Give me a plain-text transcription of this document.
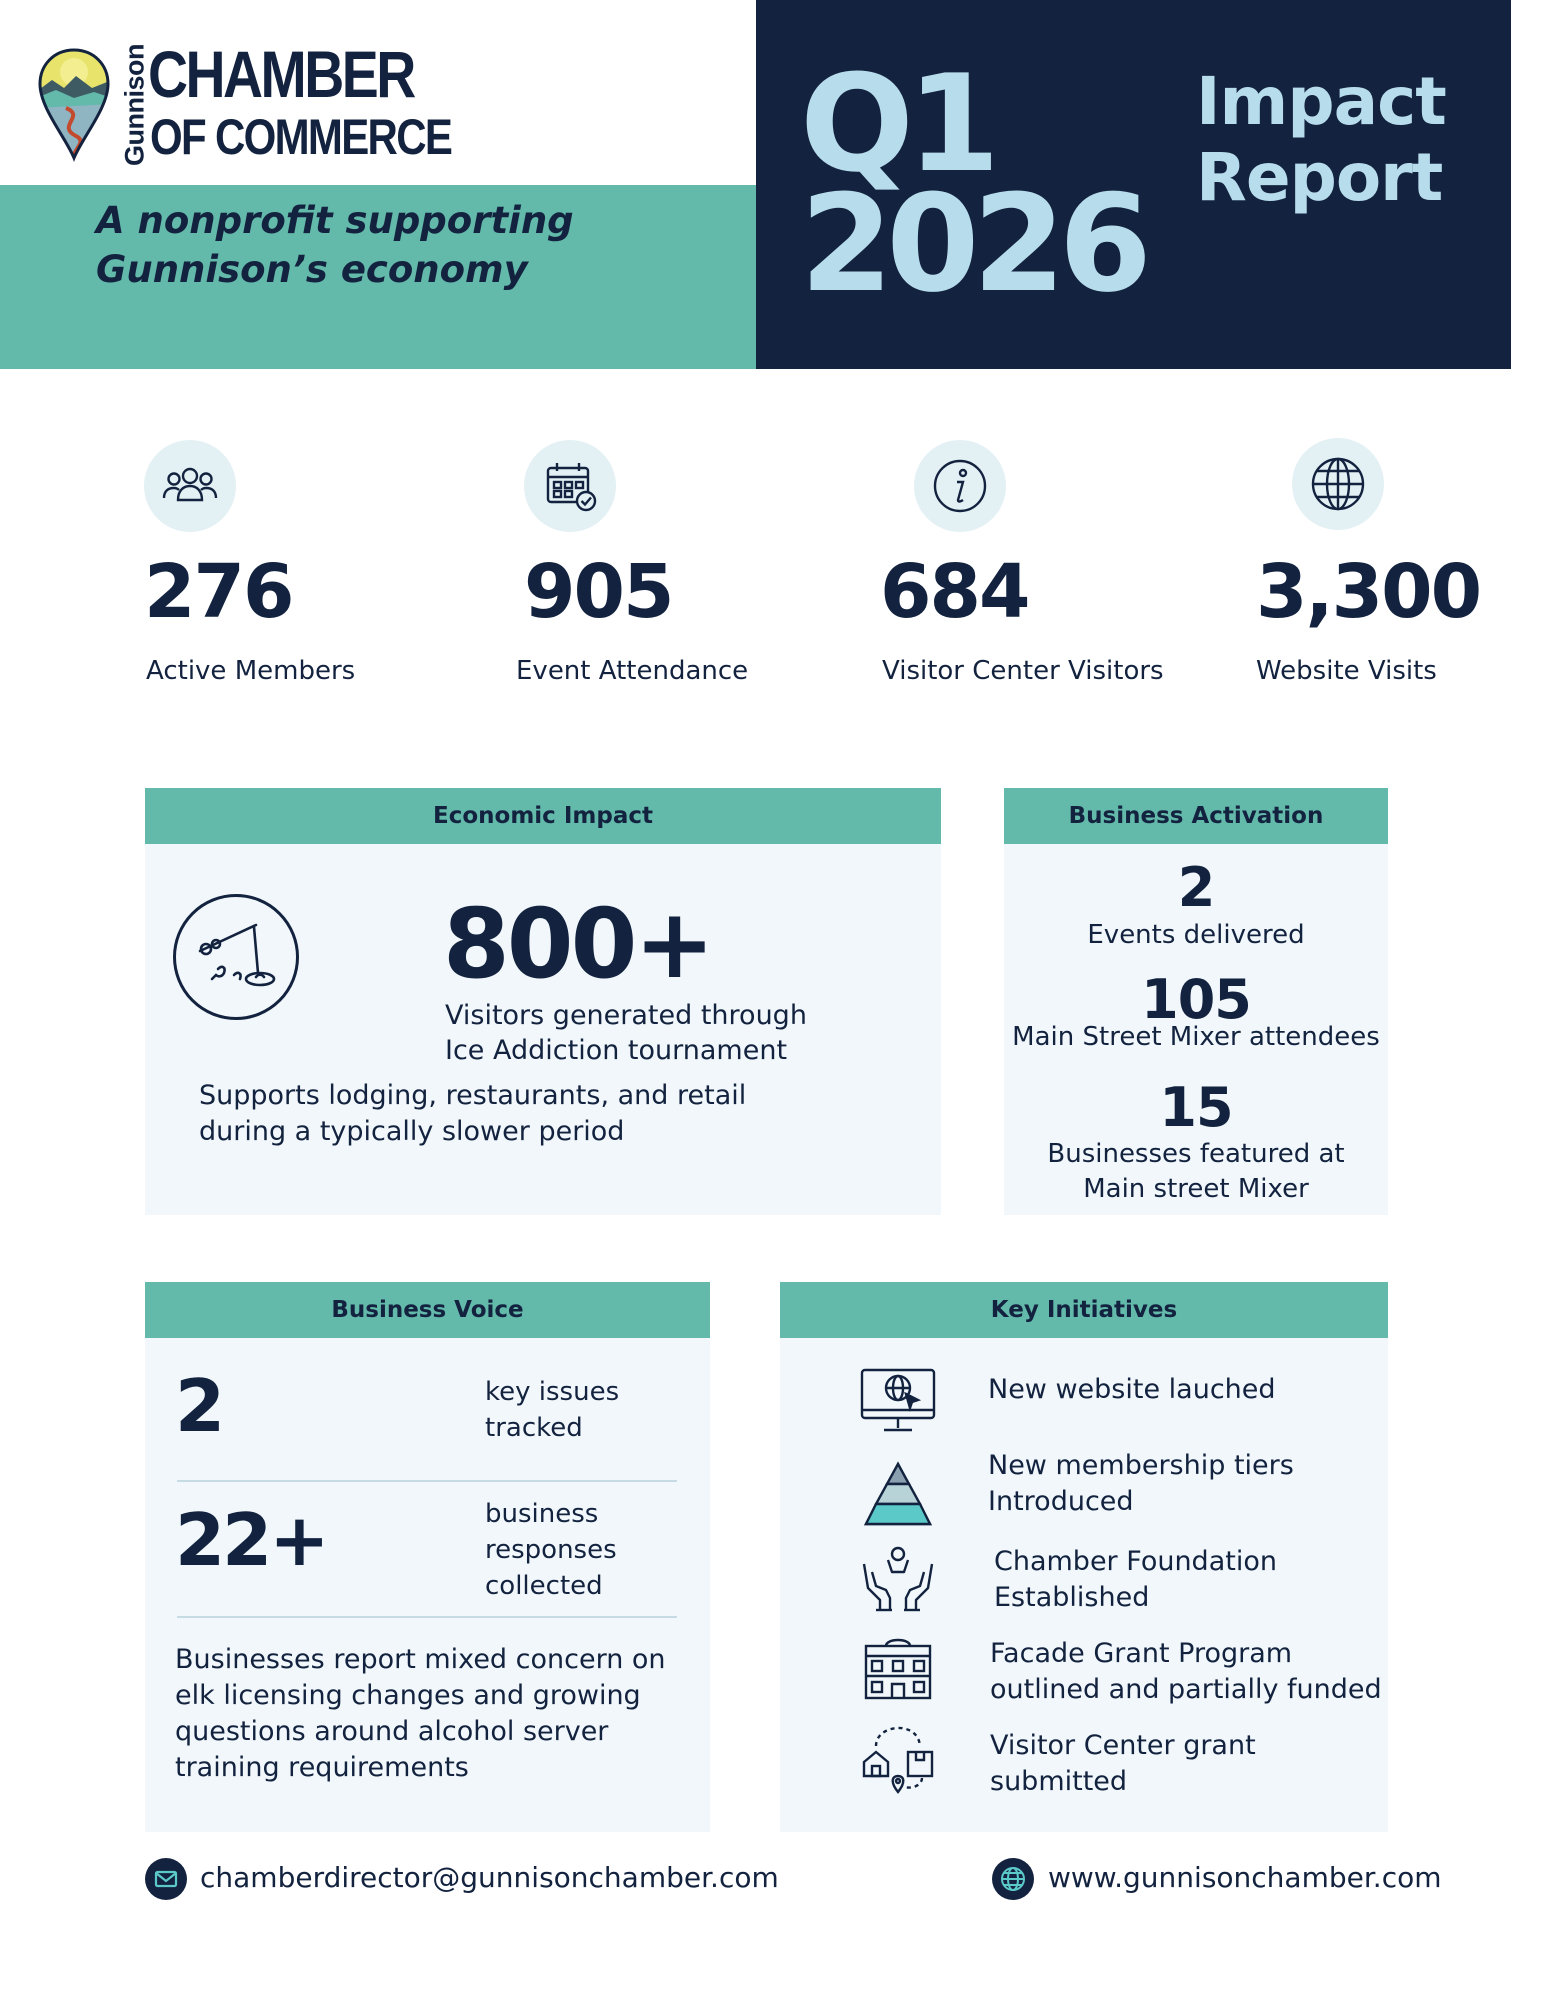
Gunnison
CHAMBER
OF COMMERCE
A nonprofit supporting
Gunnison’s economy
Q1
2026
Impact
Report
276	905	684	3,300
Active Members	Event Attendance	Visitor Center Visitors	Website Visits
Economic Impact
800+
Visitors generated through
Ice Addiction tournament
Supports lodging, restaurants, and retail during a typically slower period
Business Activation
2
Events delivered
105
Main Street Mixer attendees
15
Businesses featured at Main street Mixer
Business Voice
2	key issues tracked
22+	business responses collected
Businesses report mixed concern on elk licensing changes and growing questions around alcohol server training requirements
Key Initiatives
New website lauched
New membership tiers Introduced
Chamber Foundation Established
Facade Grant Program outlined and partially funded
Visitor Center grant submitted
chamberdirector@gunnisonchamber.com	www.gunnisonchamber.com
